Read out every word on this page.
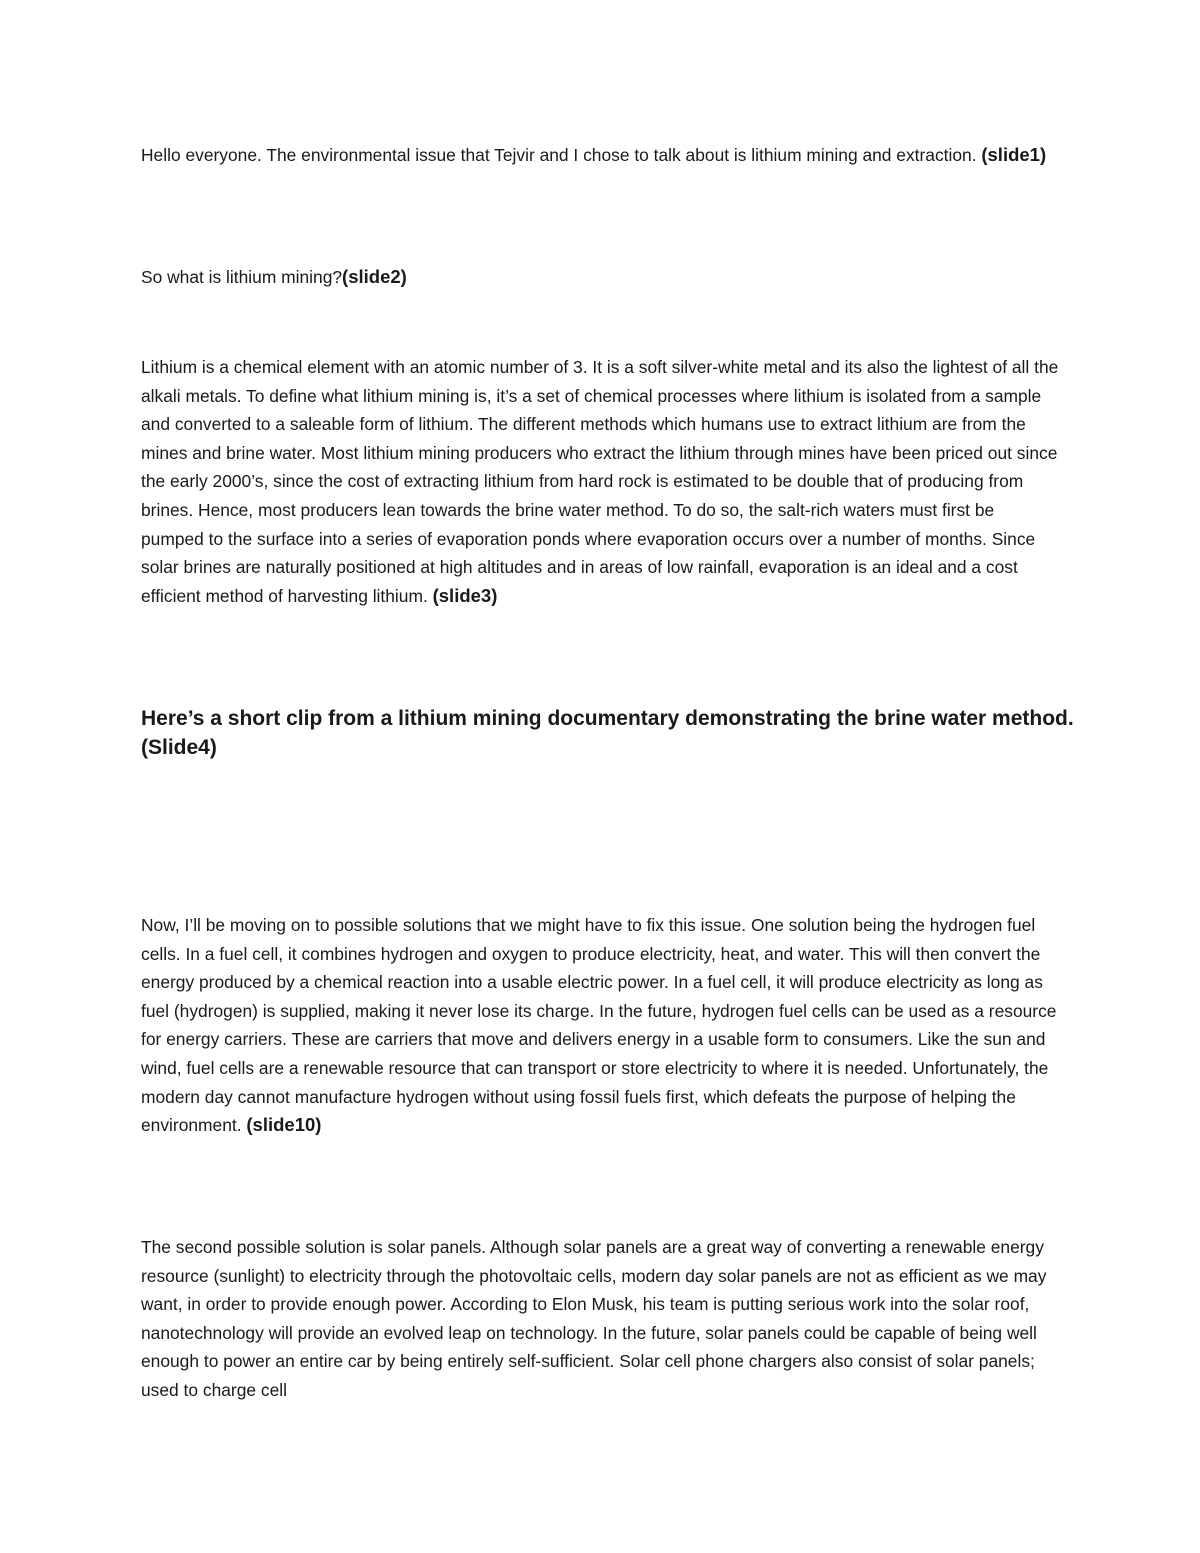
Hello everyone. The environmental issue that Tejvir and I chose to talk about is lithium mining and extraction. (slide1)

So what is lithium mining?(slide2)

Lithium is a chemical element with an atomic number of 3. It is a soft silver-white metal and its also the lightest of all the alkali metals. To define what lithium mining is, it’s a set of chemical processes where lithium is isolated from a sample and converted to a saleable form of lithium. The different methods which humans use to extract lithium are from the mines and brine water. Most lithium mining producers who extract the lithium through mines have been priced out since the early 2000’s, since the cost of extracting lithium from hard rock is estimated to be double that of producing from brines. Hence, most producers lean towards the brine water method. To do so, the salt-rich waters must first be pumped to the surface into a series of evaporation ponds where evaporation occurs over a number of months. Since solar brines are naturally positioned at high altitudes and in areas of low rainfall, evaporation is an ideal and a cost efficient method of harvesting lithium. (slide3)

Here’s a short clip from a lithium mining documentary demonstrating the brine water method. (Slide4)

Now, I’ll be moving on to possible solutions that we might have to fix this issue. One solution being the hydrogen fuel cells. In a fuel cell, it combines hydrogen and oxygen to produce electricity, heat, and water. This will then convert the energy produced by a chemical reaction into a usable electric power. In a fuel cell, it will produce electricity as long as fuel (hydrogen) is supplied, making it never lose its charge. In the future, hydrogen fuel cells can be used as a resource for energy carriers. These are carriers that move and delivers energy in a usable form to consumers. Like the sun and wind, fuel cells are a renewable resource that can transport or store electricity to where it is needed. Unfortunately, the modern day cannot manufacture hydrogen without using fossil fuels first, which defeats the purpose of helping the environment. (slide10)

The second possible solution is solar panels. Although solar panels are a great way of converting a renewable energy resource (sunlight) to electricity through the photovoltaic cells, modern day solar panels are not as efficient as we may want, in order to provide enough power. According to Elon Musk, his team is putting serious work into the solar roof, nanotechnology will provide an evolved leap on technology. In the future, solar panels could be capable of being well enough to power an entire car by being entirely self-sufficient. Solar cell phone chargers also consist of solar panels; used to charge cell
